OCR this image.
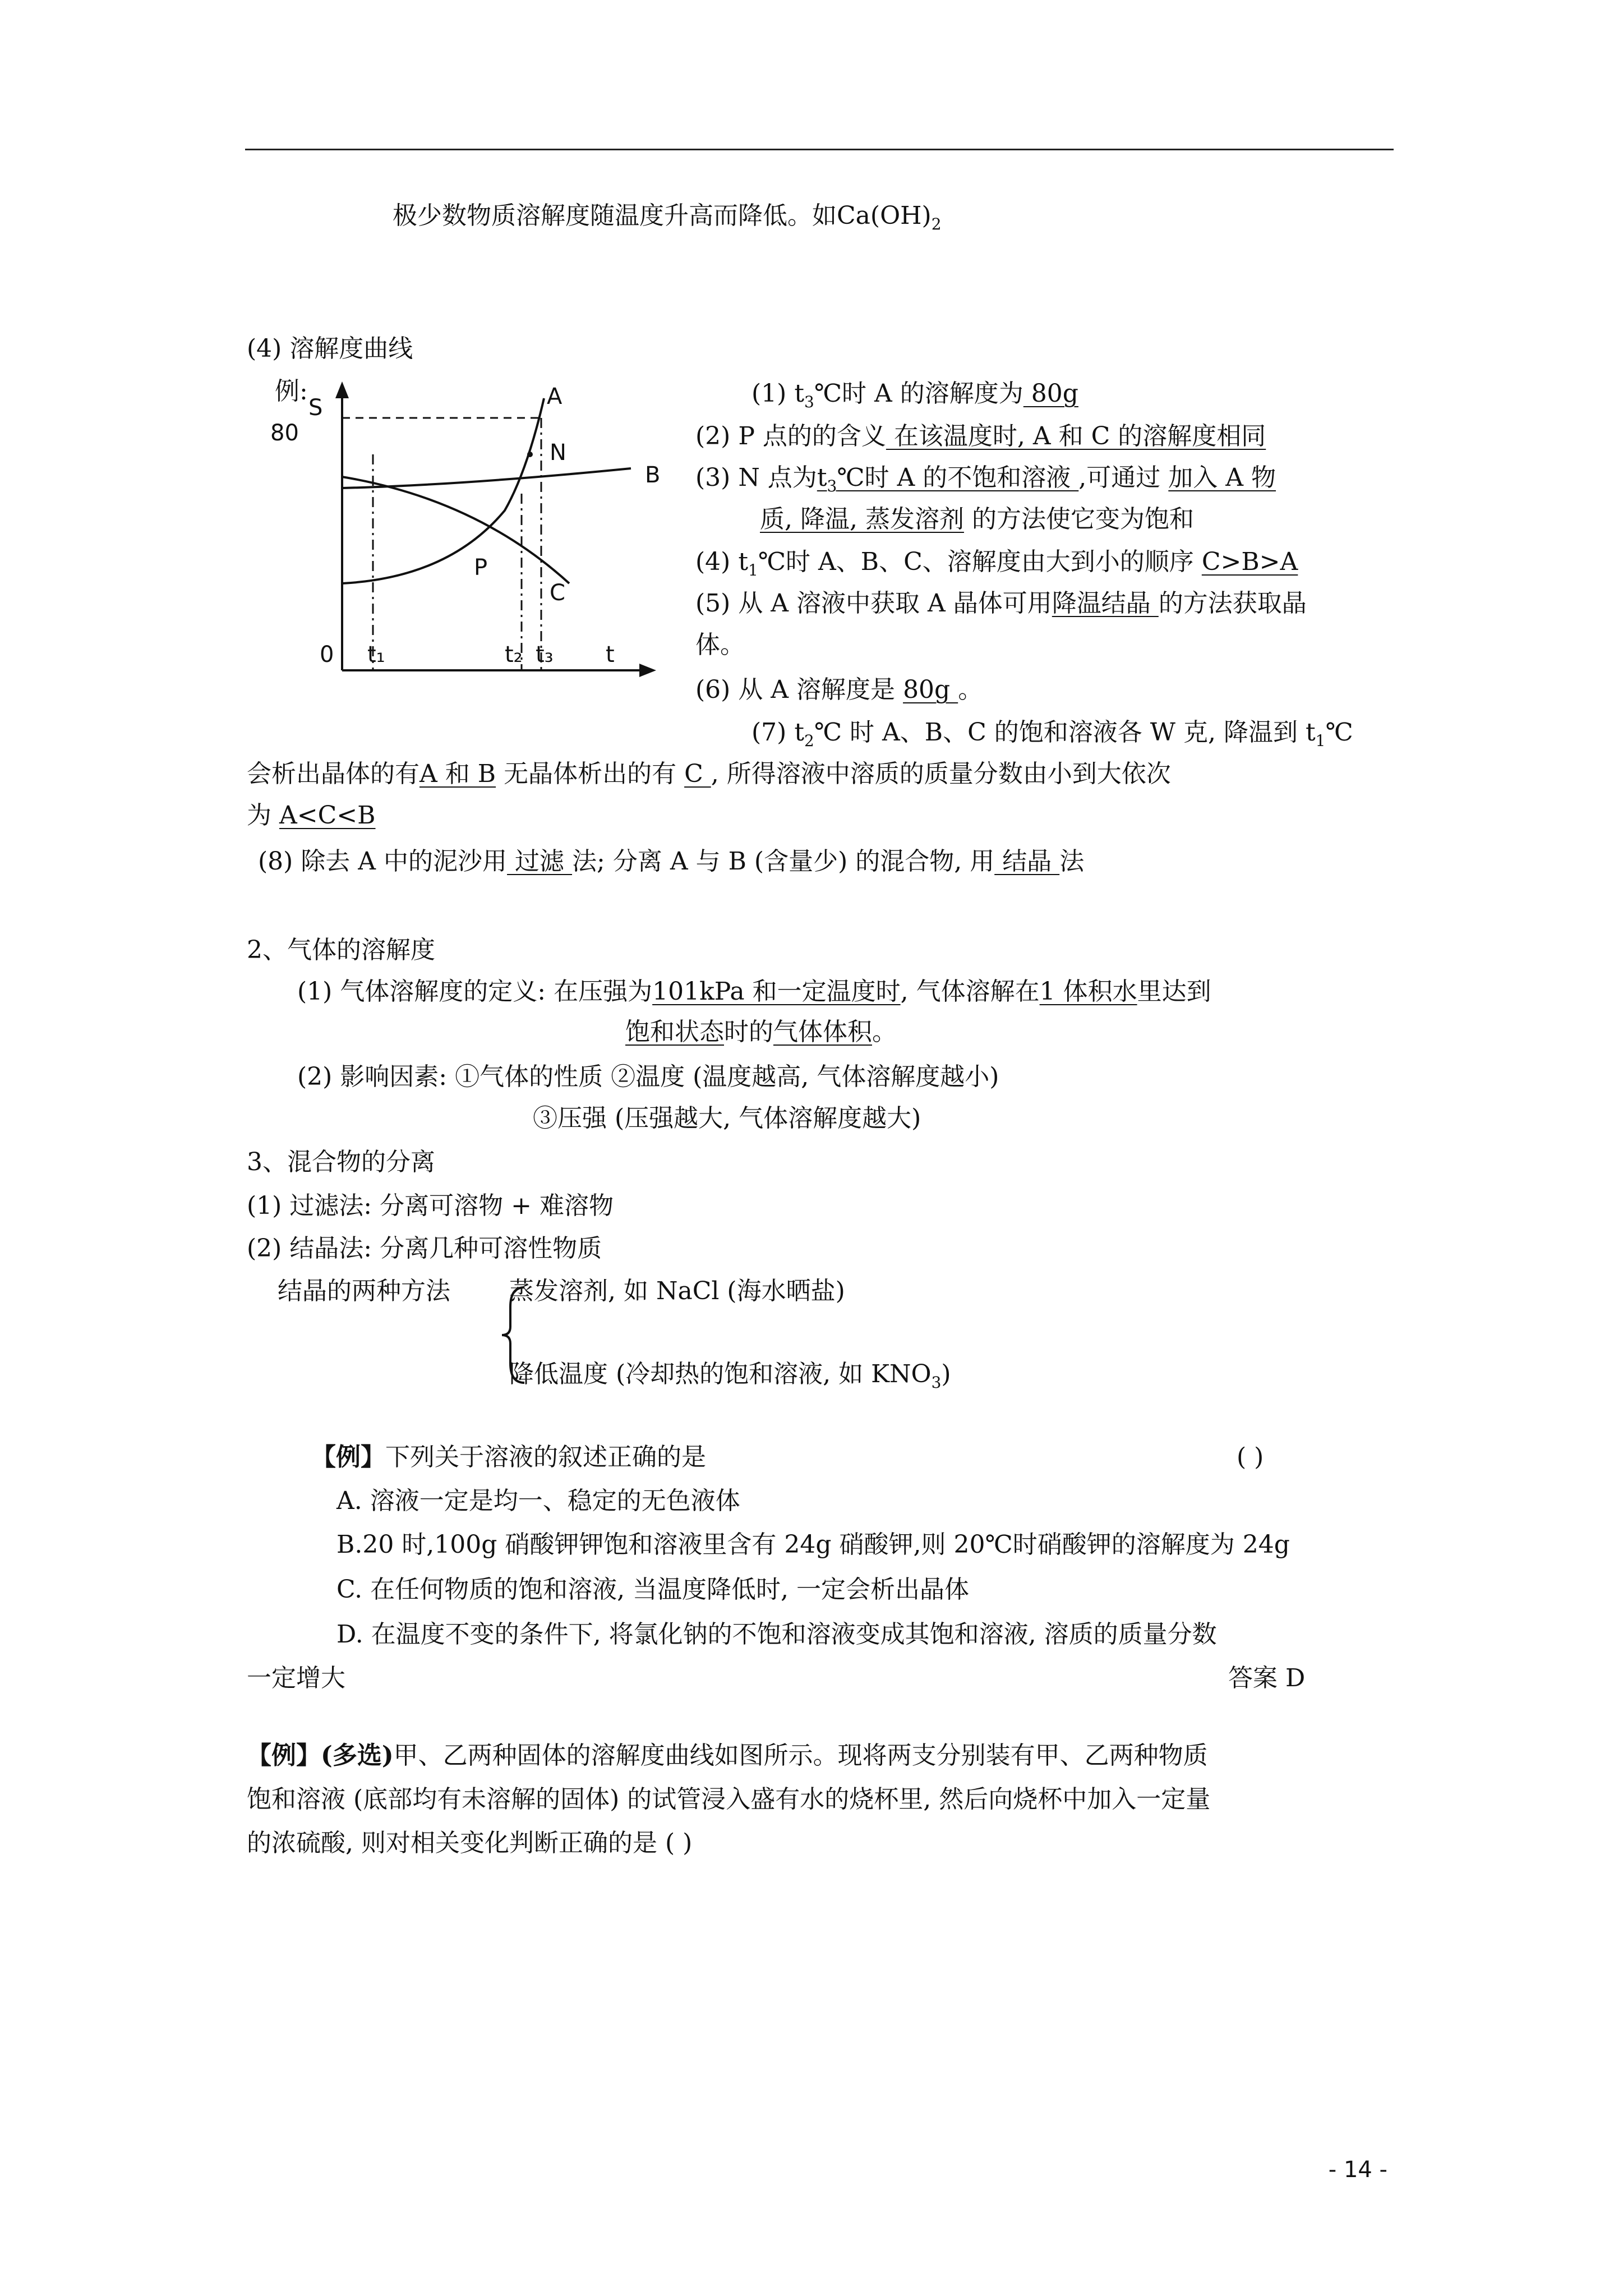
极少数物质溶解度随温度升高而降低。如$Ca(OH)_2$
(4) 溶解度曲线
例:
S
80
0
A
B
C
P
N
t₁	t₂ t₃ t
(1) $t_3℃$时 A 的溶解度为 80g
(2) P 点的的含义 在该温度时, A 和 C 的溶解度相同
(3) N 点为$t_3℃$时 A 的不饱和溶液 ,可通过 加入 A 物
质, 降温, 蒸发溶剂 的方法使它变为饱和
(4) $t_1℃$时 A、B、C、溶解度由大到小的顺序 C>B>A
(5) 从 A 溶液中获取 A 晶体可用降温结晶 的方法获取晶
体。
(6) 从 A 溶解度是 80g 。
(7) $t_2℃$ 时 A、B、C 的饱和溶液各 W 克, 降温到 $t_1℃$
会析出晶体的有A 和 B 无晶体析出的有 C , 所得溶液中溶质的质量分数由小到大依次
为 A<C<B
(8) 除去 A 中的泥沙用 过滤 法; 分离 A 与 B (含量少) 的混合物, 用 结晶 法
2、气体的溶解度
(1) 气体溶解度的定义: 在压强为101kPa 和一定温度时, 气体溶解在1 体积水里达到
饱和状态时的气体体积。
(2) 影响因素: ①气体的性质 ②温度 (温度越高, 气体溶解度越小)
③压强 (压强越大, 气体溶解度越大)
3、混合物的分离
(1) 过滤法: 分离可溶物 + 难溶物
(2) 结晶法: 分离几种可溶性物质
结晶的两种方法 蒸发溶剂, 如 NaCl (海水晒盐)
降低温度 (冷却热的饱和溶液, 如 $KNO_3$)
【例】下列关于溶液的叙述正确的是	( )
A. 溶液一定是均一、稳定的无色液体
B.20 时,100g 硝酸钾钾饱和溶液里含有 24g 硝酸钾,则 20℃时硝酸钾的溶解度为 24g
C. 在任何物质的饱和溶液, 当温度降低时, 一定会析出晶体
D. 在温度不变的条件下, 将氯化钠的不饱和溶液变成其饱和溶液, 溶质的质量分数
一定增大	答案 D
【例】(多选)甲、乙两种固体的溶解度曲线如图所示。现将两支分别装有甲、乙两种物质
饱和溶液 (底部均有未溶解的固体) 的试管浸入盛有水的烧杯里, 然后向烧杯中加入一定量
的浓硫酸, 则对相关变化判断正确的是 ( )
- 14 -
